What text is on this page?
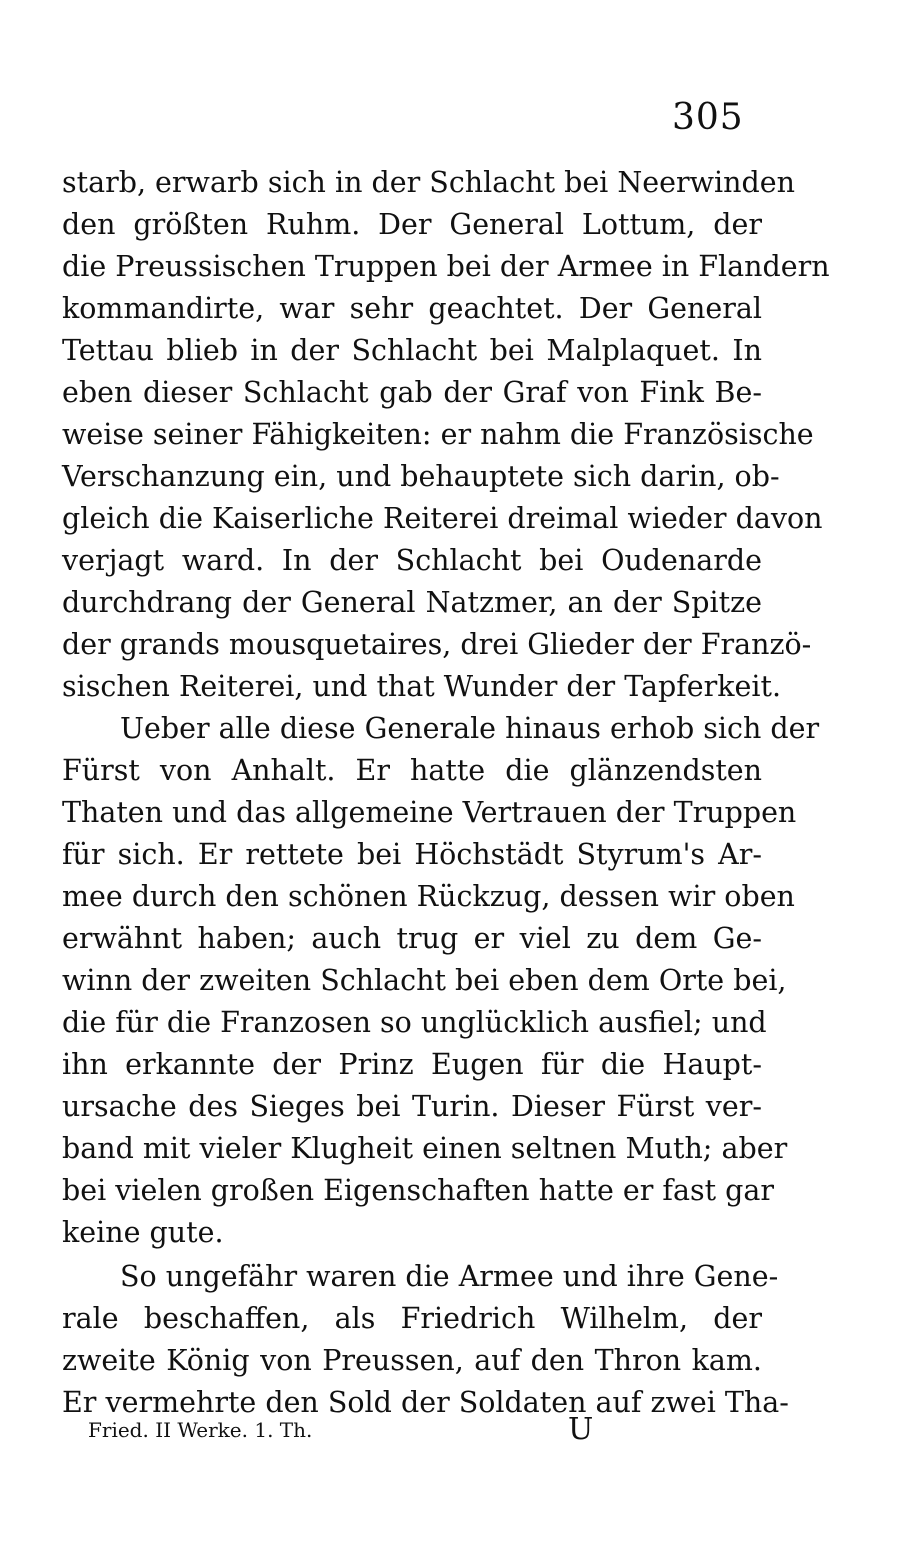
305
starb, erwarb sich in der Schlacht bei Neerwinden
den größten Ruhm. Der General Lottum, der
die Preussischen Truppen bei der Armee in Flandern
kommandirte, war sehr geachtet. Der General
Tettau blieb in der Schlacht bei Malplaquet. In
eben dieser Schlacht gab der Graf von Fink Be-
weise seiner Fähigkeiten: er nahm die Französische
Verschanzung ein, und behauptete sich darin, ob-
gleich die Kaiserliche Reiterei dreimal wieder davon
verjagt ward. In der Schlacht bei Oudenarde
durchdrang der General Natzmer, an der Spitze
der grands mousquetaires, drei Glieder der Franzö-
sischen Reiterei, und that Wunder der Tapferkeit.
Ueber alle diese Generale hinaus erhob sich der
Fürst von Anhalt. Er hatte die glänzendsten
Thaten und das allgemeine Vertrauen der Truppen
für sich. Er rettete bei Höchstädt Styrum's Ar-
mee durch den schönen Rückzug, dessen wir oben
erwähnt haben; auch trug er viel zu dem Ge-
winn der zweiten Schlacht bei eben dem Orte bei,
die für die Franzosen so unglücklich ausfiel; und
ihn erkannte der Prinz Eugen für die Haupt-
ursache des Sieges bei Turin. Dieser Fürst ver-
band mit vieler Klugheit einen seltnen Muth; aber
bei vielen großen Eigenschaften hatte er fast gar
keine gute.
So ungefähr waren die Armee und ihre Gene-
rale beschaffen, als Friedrich Wilhelm, der
zweite König von Preussen, auf den Thron kam.
Er vermehrte den Sold der Soldaten auf zwei Tha-
Fried. II Werke. 1. Th.	U
